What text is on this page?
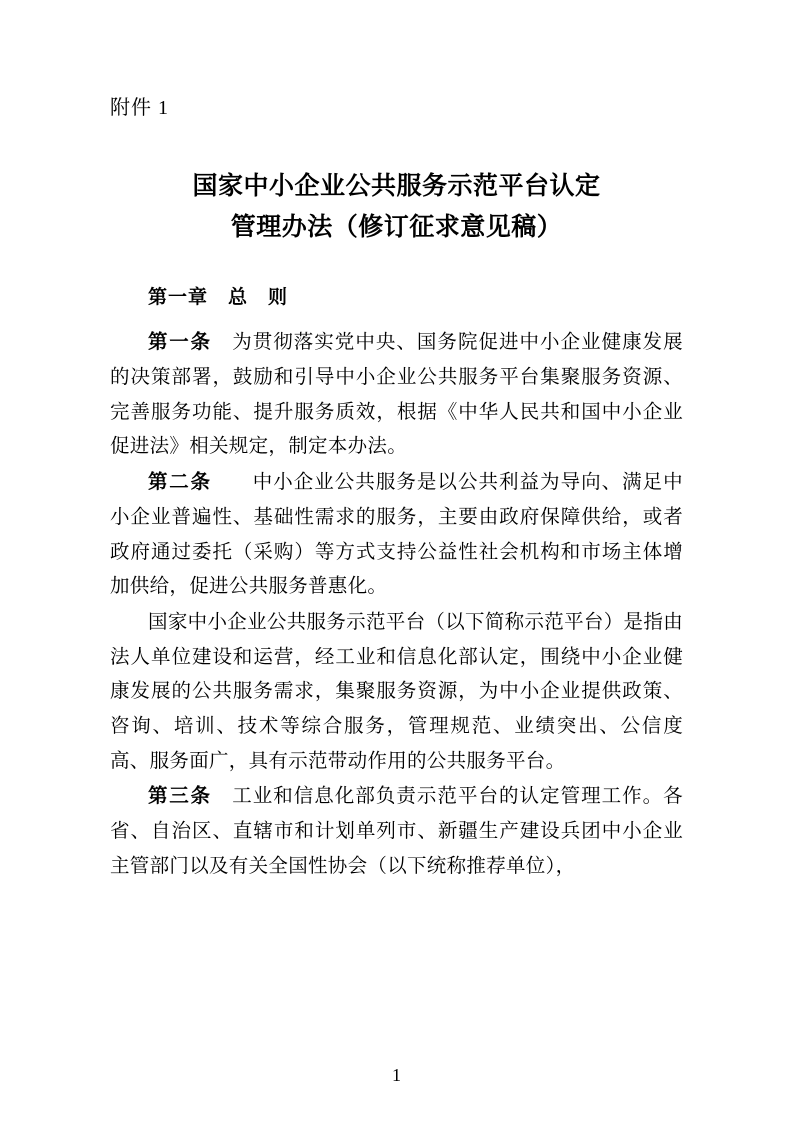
附件 1
国家中小企业公共服务示范平台认定
管理办法（修订征求意见稿）
第一章　总　则

第一条　为贯彻落实党中央、国务院促进中小企业健康发展的决策部署，鼓励和引导中小企业公共服务平台集聚服务资源、完善服务功能、提升服务质效，根据《中华人民共和国中小企业促进法》相关规定，制定本办法。

第二条　　中小企业公共服务是以公共利益为导向、满足中小企业普遍性、基础性需求的服务，主要由政府保障供给，或者政府通过委托（采购）等方式支持公益性社会机构和市场主体增加供给，促进公共服务普惠化。

国家中小企业公共服务示范平台（以下简称示范平台）是指由法人单位建设和运营，经工业和信息化部认定，围绕中小企业健康发展的公共服务需求，集聚服务资源，为中小企业提供政策、咨询、培训、技术等综合服务，管理规范、业绩突出、公信度高、服务面广，具有示范带动作用的公共服务平台。

第三条　工业和信息化部负责示范平台的认定管理工作。各省、自治区、直辖市和计划单列市、新疆生产建设兵团中小企业主管部门以及有关全国性协会（以下统称推荐单位），

1
